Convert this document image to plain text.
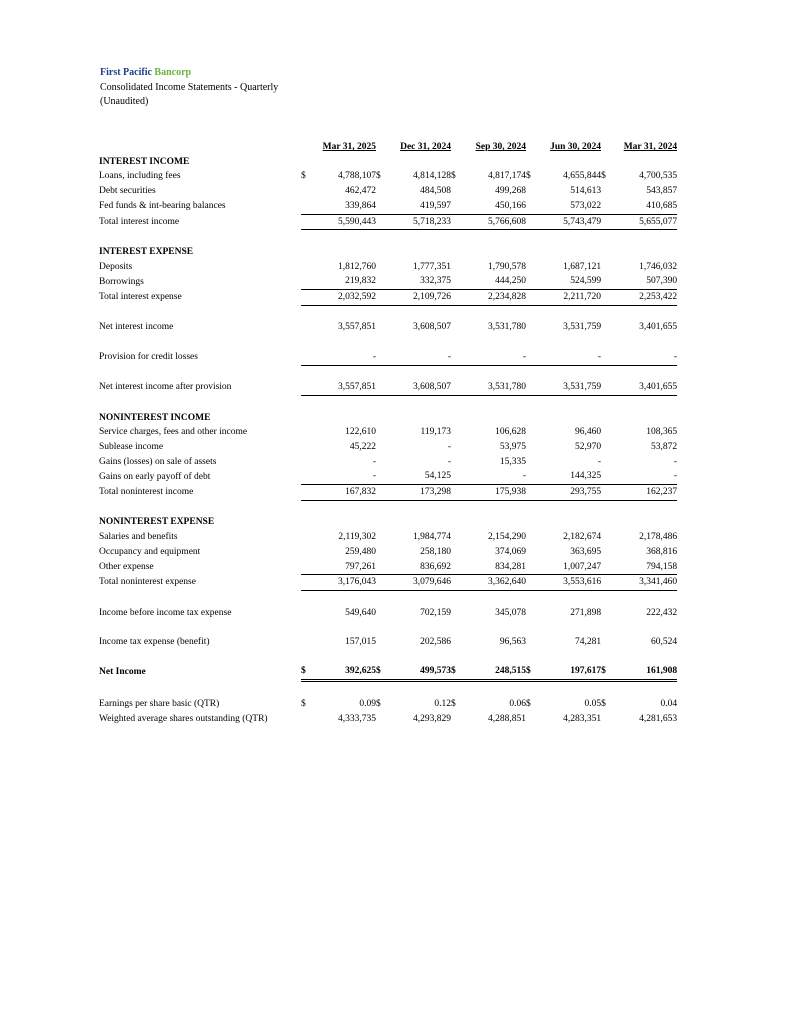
First Pacific Bancorp
Consolidated Income Statements - Quarterly
(Unaudited)
	Mar 31, 2025		Dec 31, 2024		Sep 30, 2024		Jun 30, 2024		Mar 31, 2024	
INTEREST INCOME										
Loans, including fees	$	4,788,107	$	4,814,128	$	4,817,174	$	4,655,844	$	4,700,535
Debt securities		462,472		484,508		499,268		514,613		543,857
Fed funds & int-bearing balances		339,864		419,597		450,166		573,022		410,685
Total interest income		5,590,443		5,718,233		5,766,608		5,743,479		5,655,077

INTEREST EXPENSE										
Deposits		1,812,760		1,777,351		1,790,578		1,687,121		1,746,032
Borrowings		219,832		332,375		444,250		524,599		507,390
Total interest expense		2,032,592		2,109,726		2,234,828		2,211,720		2,253,422

Net interest income		3,557,851		3,608,507		3,531,780		3,531,759		3,401,655

Provision for credit losses		-		-		-		-		-

Net interest income after provision		3,557,851		3,608,507		3,531,780		3,531,759		3,401,655

NONINTEREST INCOME										
Service charges, fees and other income		122,610		119,173		106,628		96,460		108,365
Sublease income		45,222		-		53,975		52,970		53,872
Gains (losses) on sale of assets		-		-		15,335		-		-
Gains on early payoff of debt		-		54,125		-		144,325		-
Total noninterest income		167,832		173,298		175,938		293,755		162,237

NONINTEREST EXPENSE										
Salaries and benefits		2,119,302		1,984,774		2,154,290		2,182,674		2,178,486
Occupancy and equipment		259,480		258,180		374,069		363,695		368,816
Other expense		797,261		836,692		834,281		1,007,247		794,158
Total noninterest expense		3,176,043		3,079,646		3,362,640		3,553,616		3,341,460

Income before income tax expense		549,640		702,159		345,078		271,898		222,432

Income tax expense (benefit)		157,015		202,586		96,563		74,281		60,524

Net Income	$	392,625	$	499,573	$	248,515	$	197,617	$	161,908

Earnings per share basic (QTR)	$	0.09	$	0.12	$	0.06	$	0.05	$	0.04
Weighted average shares outstanding (QTR)		4,333,735		4,293,829		4,288,851		4,283,351		4,281,653
